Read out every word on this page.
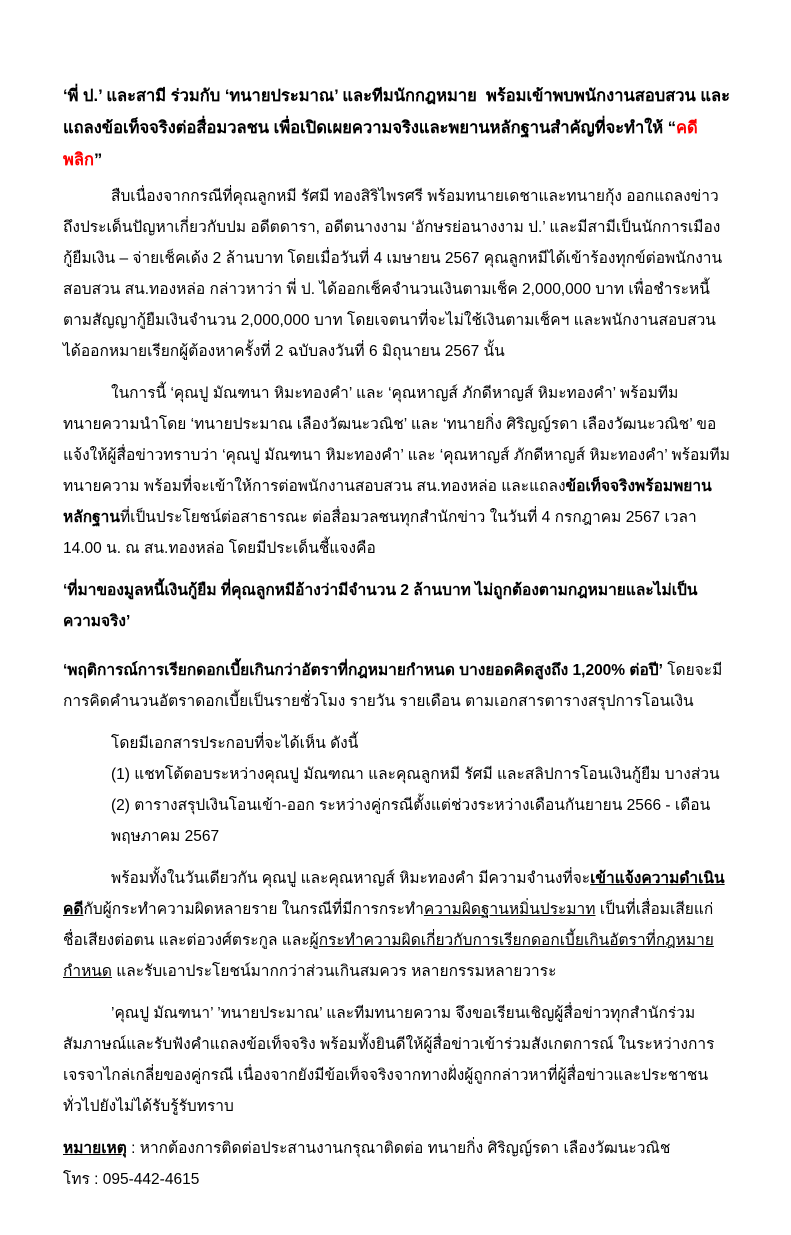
‘พี่ ป.’ และสามี ร่วมกับ ‘ทนายประมาณ’ และทีมนักกฎหมาย  พร้อมเข้าพบพนักงานสอบสวน และแถลงข้อเท็จจริงต่อสื่อมวลชน เพื่อเปิดเผยความจริงและพยานหลักฐานสำคัญที่จะทำให้ “คดีพลิก”

สืบเนื่องจากกรณีที่คุณลูกหมี รัศมี ทองสิริไพรศรี พร้อมทนายเดชาและทนายกุ้ง ออกแถลงข่าวถึงประเด็นปัญหาเกี่ยวกับปม อดีตดารา, อดีตนางงาม ‘อักษรย่อนางงาม ป.’ และมีสามีเป็นนักการเมือง กู้ยืมเงิน – จ่ายเช็คเด้ง 2 ล้านบาท โดยเมื่อวันที่ 4 เมษายน 2567 คุณลูกหมีได้เข้าร้องทุกข์ต่อพนักงานสอบสวน สน.ทองหล่อ กล่าวหาว่า พี่ ป. ได้ออกเช็คจำนวนเงินตามเช็ค 2,000,000 บาท เพื่อชำระหนี้ตามสัญญากู้ยืมเงินจำนวน 2,000,000 บาท โดยเจตนาที่จะไม่ใช้เงินตามเช็คฯ และพนักงานสอบสวนได้ออกหมายเรียกผู้ต้องหาครั้งที่ 2 ฉบับลงวันที่ 6 มิถุนายน 2567 นั้น

ในการนี้ ‘คุณปู มัณฑนา หิมะทองคำ’ และ ‘คุณหาญส์ ภักดีหาญส์ หิมะทองคำ’ พร้อมทีมทนายความนำโดย ‘ทนายประมาณ เลืองวัฒนะวณิช’ และ ‘ทนายกิ่ง ศิริญญ์รดา เลืองวัฒนะวณิช’ ขอแจ้งให้ผู้สื่อข่าวทราบว่า ‘คุณปู มัณฑนา หิมะทองคำ’ และ ‘คุณหาญส์ ภักดีหาญส์ หิมะทองคำ’ พร้อมทีมทนายความ พร้อมที่จะเข้าให้การต่อพนักงานสอบสวน สน.ทองหล่อ และแถลงข้อเท็จจริงพร้อมพยานหลักฐานที่เป็นประโยชน์ต่อสาธารณะ ต่อสื่อมวลชนทุกสำนักข่าว ในวันที่ 4 กรกฎาคม 2567 เวลา 14.00 น. ณ สน.ทองหล่อ โดยมีประเด็นชี้แจงคือ

‘ที่มาของมูลหนี้เงินกู้ยืม ที่คุณลูกหมีอ้างว่ามีจำนวน 2 ล้านบาท ไม่ถูกต้องตามกฎหมายและไม่เป็นความจริง’

‘พฤติการณ์การเรียกดอกเบี้ยเกินกว่าอัตราที่กฎหมายกำหนด บางยอดคิดสูงถึง 1,200% ต่อปี’ โดยจะมีการคิดคำนวนอัตราดอกเบี้ยเป็นรายชั่วโมง รายวัน รายเดือน ตามเอกสารตารางสรุปการโอนเงิน

โดยมีเอกสารประกอบที่จะได้เห็น ดังนี้

(1) แชทโต้ตอบระหว่างคุณปู มัณฑณา และคุณลูกหมี รัศมี และสลิปการโอนเงินกู้ยืม บางส่วน

(2) ตารางสรุปเงินโอนเข้า-ออก ระหว่างคู่กรณีตั้งแต่ช่วงระหว่างเดือนกันยายน 2566 - เดือนพฤษภาคม 2567

พร้อมทั้งในวันเดียวกัน คุณปู และคุณหาญส์ หิมะทองคำ มีความจำนงที่จะเข้าแจ้งความดำเนินคดีกับผู้กระทำความผิดหลายราย ในกรณีที่มีการกระทำความผิดฐานหมิ่นประมาท เป็นที่เสื่อมเสียแก่ชื่อเสียงต่อตน และต่อวงศ์ตระกูล และผู้กระทำความผิดเกี่ยวกับการเรียกดอกเบี้ยเกินอัตราที่กฎหมายกำหนด และรับเอาประโยชน์มากกว่าส่วนเกินสมควร หลายกรรมหลายวาระ

’คุณปู มัณฑนา’ ’ทนายประมาณ’ และทีมทนายความ จึงขอเรียนเชิญผู้สื่อข่าวทุกสำนักร่วมสัมภาษณ์และรับฟังคำแถลงข้อเท็จจริง พร้อมทั้งยินดีให้ผู้สื่อข่าวเข้าร่วมสังเกตการณ์ ในระหว่างการเจรจาไกล่เกลี่ยของคู่กรณี เนื่องจากยังมีข้อเท็จจริงจากทางฝั่งผู้ถูกกล่าวหาที่ผู้สื่อข่าวและประชาชนทั่วไปยังไม่ได้รับรู้รับทราบ

หมายเหตุ : หากต้องการติดต่อประสานงานกรุณาติดต่อ ทนายกิ่ง ศิริญญ์รดา เลืองวัฒนะวณิช

โทร : 095-442-4615
